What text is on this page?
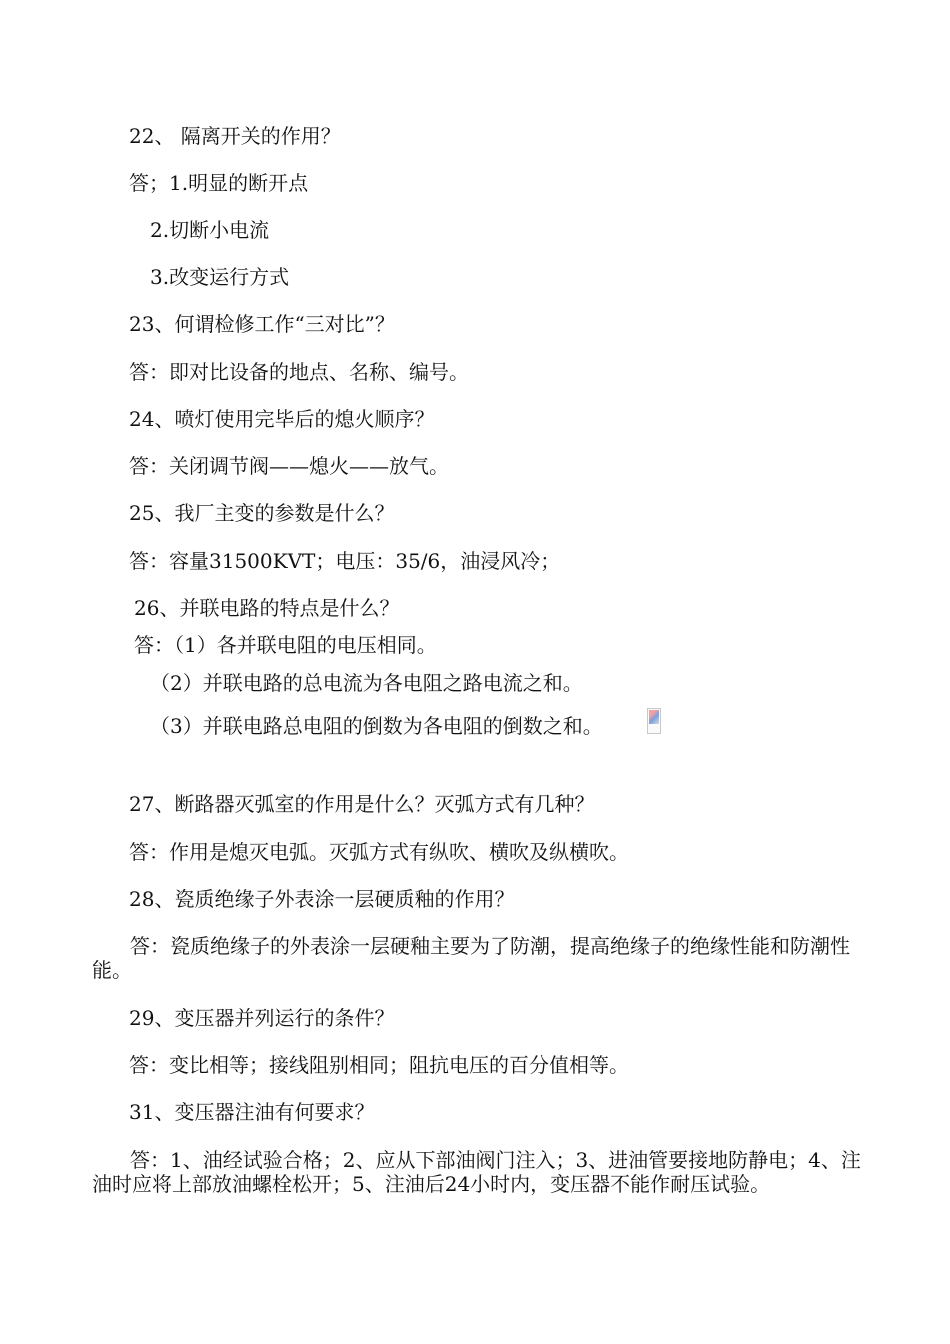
22、 隔离开关的作用？
答；1.明显的断开点
2.切断小电流
3.改变运行方式
23、何谓检修工作“三对比”？
答：即对比设备的地点、名称、编号。
24、喷灯使用完毕后的熄火顺序？
答：关闭调节阀——熄火——放气。
25、我厂主变的参数是什么？
答：容量31500KVT；电压：35/6，油浸风冷；
26、并联电路的特点是什么？
答：（1）各并联电阻的电压相同。
（2）并联电路的总电流为各电阻之路电流之和。
（3）并联电路总电阻的倒数为各电阻的倒数之和。
27、断路器灭弧室的作用是什么？灭弧方式有几种？
答：作用是熄灭电弧。灭弧方式有纵吹、横吹及纵横吹。
28、瓷质绝缘子外表涂一层硬质釉的作用？
答：瓷质绝缘子的外表涂一层硬釉主要为了防潮，提高绝缘子的绝缘性能和防潮性能。
29、变压器并列运行的条件？
答：变比相等；接线阻别相同；阻抗电压的百分值相等。
31、变压器注油有何要求？
答：1、油经试验合格；2、应从下部油阀门注入；3、进油管要接地防静电；4、注油时应将上部放油螺栓松开；5、注油后24小时内，变压器不能作耐压试验。
